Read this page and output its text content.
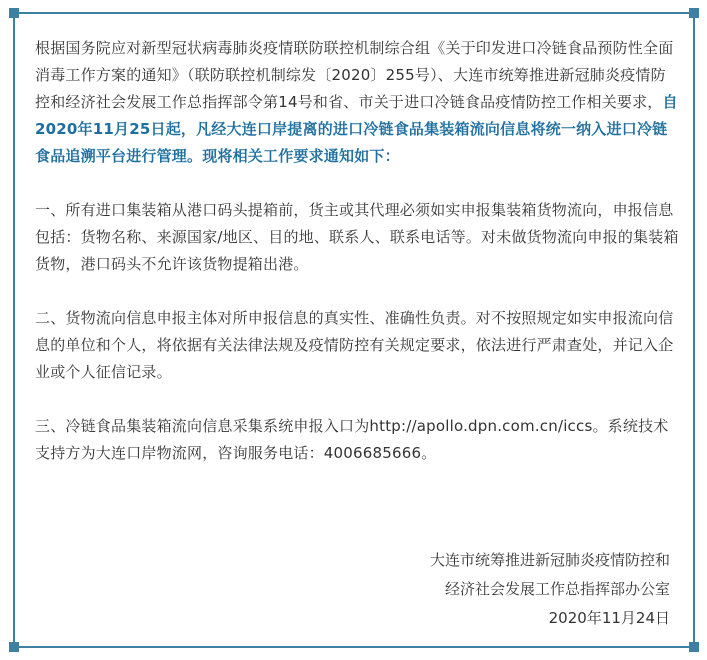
根据国务院应对新型冠状病毒肺炎疫情联防联控机制综合组《关于印发进口冷链食品预防性全面消毒工作方案的通知》（联防联控机制综发〔2020〕255号）、大连市统筹推进新冠肺炎疫情防控和经济社会发展工作总指挥部令第14号和省、市关于进口冷链食品疫情防控工作相关要求，自2020年11月25日起，凡经大连口岸提离的进口冷链食品集装箱流向信息将统一纳入进口冷链食品追溯平台进行管理。现将相关工作要求通知如下：

一、所有进口集装箱从港口码头提箱前，货主或其代理必须如实申报集装箱货物流向，申报信息包括：货物名称、来源国家/地区、目的地、联系人、联系电话等。对未做货物流向申报的集装箱货物，港口码头不允许该货物提箱出港。

二、货物流向信息申报主体对所申报信息的真实性、准确性负责。对不按照规定如实申报流向信息的单位和个人，将依据有关法律法规及疫情防控有关规定要求，依法进行严肃查处，并记入企业或个人征信记录。

三、冷链食品集装箱流向信息采集系统申报入口为http://apollo.dpn.com.cn/iccs。系统技术支持方为大连口岸物流网，咨询服务电话：4006685666。

大连市统筹推进新冠肺炎疫情防控和
经济社会发展工作总指挥部办公室
2020年11月24日
